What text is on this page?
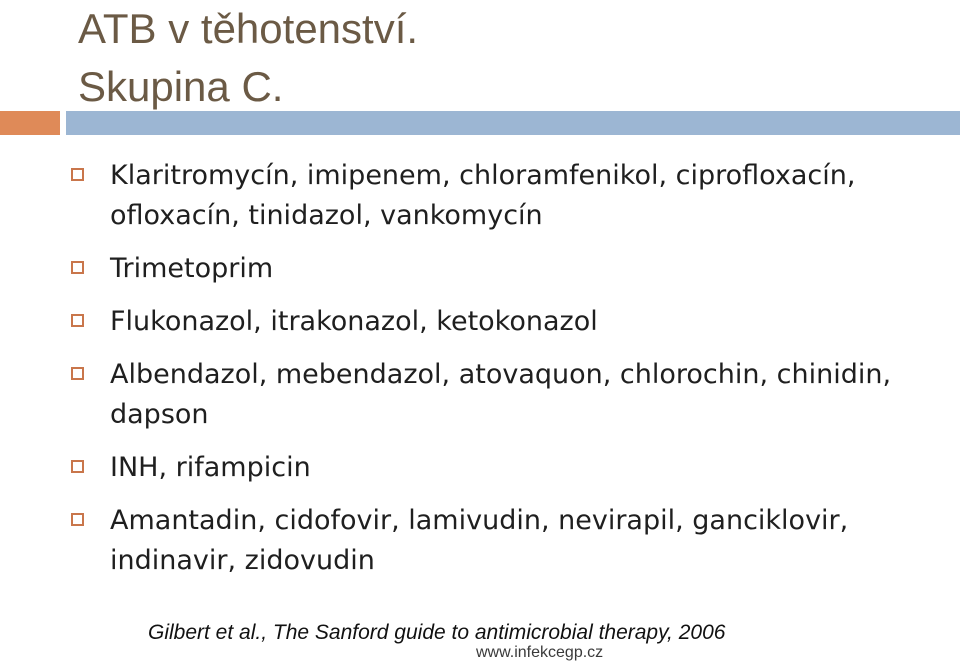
ATB v těhotenství.
Skupina C.
Klaritromycín, imipenem, chloramfenikol, ciprofloxacín, ofloxacín, tinidazol, vankomycín
Trimetoprim
Flukonazol, itrakonazol, ketokonazol
Albendazol, mebendazol, atovaquon, chlorochin, chinidin, dapson
INH, rifampicin
Amantadin, cidofovir, lamivudin, nevirapil, ganciklovir, indinavir, zidovudin
Gilbert et al., The Sanford guide to antimicrobial therapy, 2006
www.infekcegp.cz
